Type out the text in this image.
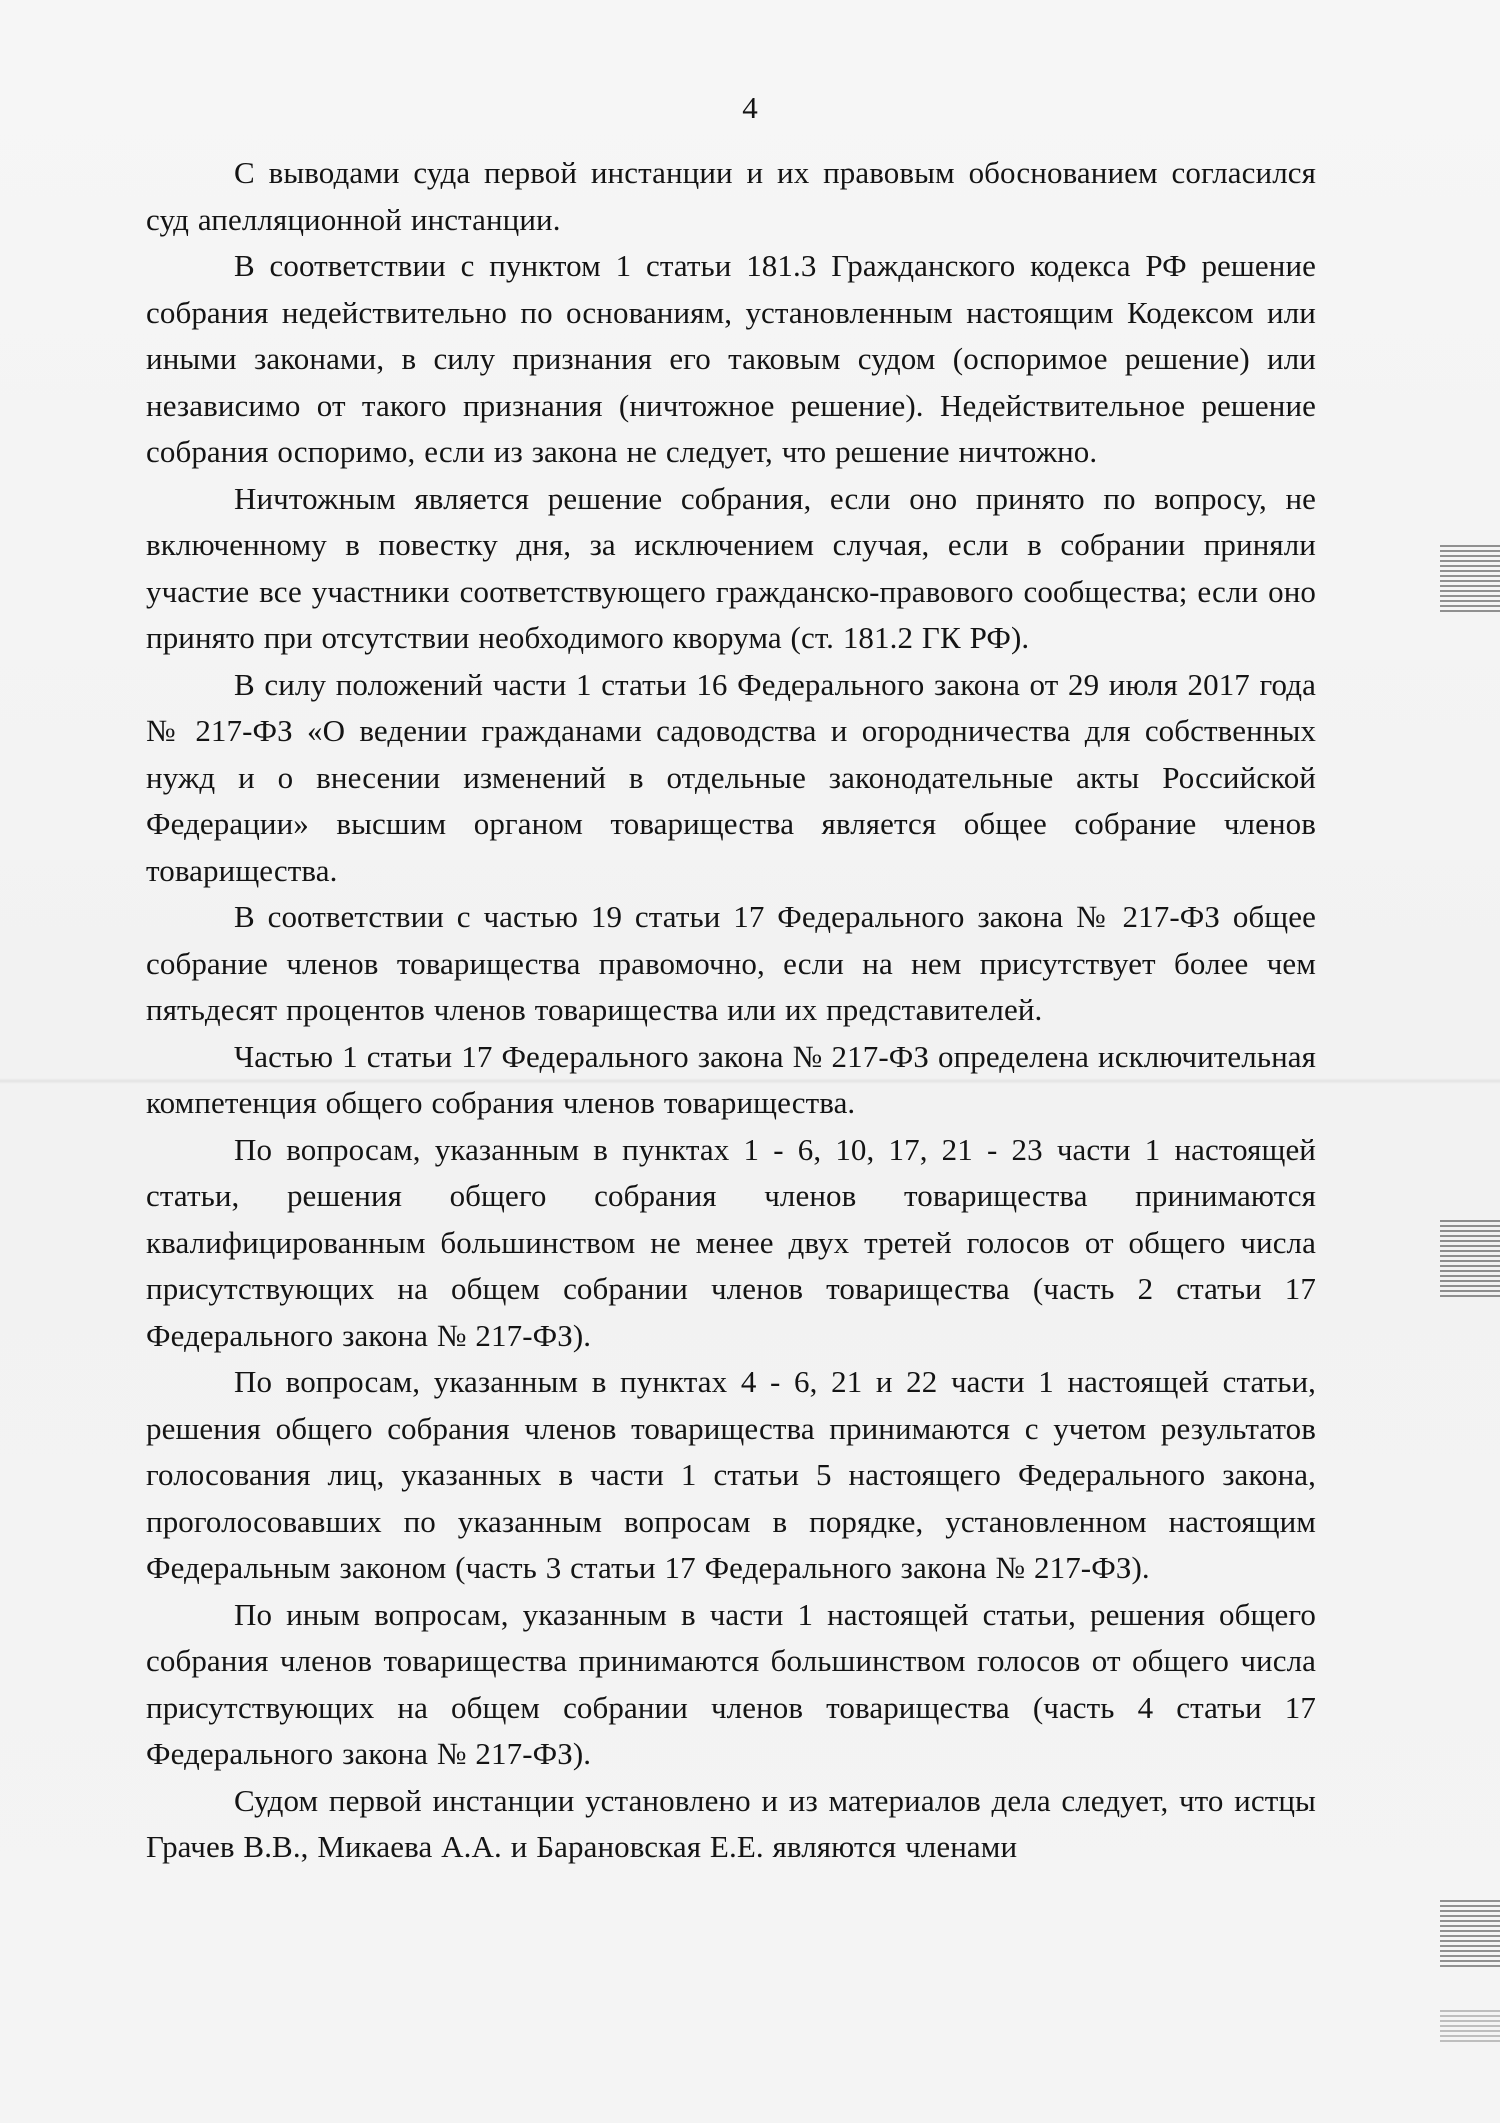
4

С выводами суда первой инстанции и их правовым обоснованием согласился суд апелляционной инстанции.

В соответствии с пунктом 1 статьи 181.3 Гражданского кодекса РФ решение собрания недействительно по основаниям, установленным настоящим Кодексом или иными законами, в силу признания его таковым судом (оспоримое решение) или независимо от такого признания (ничтожное решение). Недействительное решение собрания оспоримо, если из закона не следует, что решение ничтожно.

Ничтожным является решение собрания, если оно принято по вопросу, не включенному в повестку дня, за исключением случая, если в собрании приняли участие все участники соответствующего гражданско-правового сообщества; если оно принято при отсутствии необходимого кворума (ст. 181.2 ГК РФ).

В силу положений части 1 статьи 16 Федерального закона от 29 июля 2017 года № 217-ФЗ «О ведении гражданами садоводства и огородничества для собственных нужд и о внесении изменений в отдельные законодательные акты Российской Федерации» высшим органом товарищества является общее собрание членов товарищества.

В соответствии с частью 19 статьи 17 Федерального закона № 217-ФЗ общее собрание членов товарищества правомочно, если на нем присутствует более чем пятьдесят процентов членов товарищества или их представителей.

Частью 1 статьи 17 Федерального закона № 217-ФЗ определена исключительная компетенция общего собрания членов товарищества.

По вопросам, указанным в пунктах 1 - 6, 10, 17, 21 - 23 части 1 настоящей статьи, решения общего собрания членов товарищества принимаются квалифицированным большинством не менее двух третей голосов от общего числа присутствующих на общем собрании членов товарищества (часть 2 статьи 17 Федерального закона № 217-ФЗ).

По вопросам, указанным в пунктах 4 - 6, 21 и 22 части 1 настоящей статьи, решения общего собрания членов товарищества принимаются с учетом результатов голосования лиц, указанных в части 1 статьи 5 настоящего Федерального закона, проголосовавших по указанным вопросам в порядке, установленном настоящим Федеральным законом (часть 3 статьи 17 Федерального закона № 217-ФЗ).

По иным вопросам, указанным в части 1 настоящей статьи, решения общего собрания членов товарищества принимаются большинством голосов от общего числа присутствующих на общем собрании членов товарищества (часть 4 статьи 17 Федерального закона № 217-ФЗ).

Судом первой инстанции установлено и из материалов дела следует, что истцы Грачев В.В., Микаева А.А. и Барановская Е.Е. являются членами
